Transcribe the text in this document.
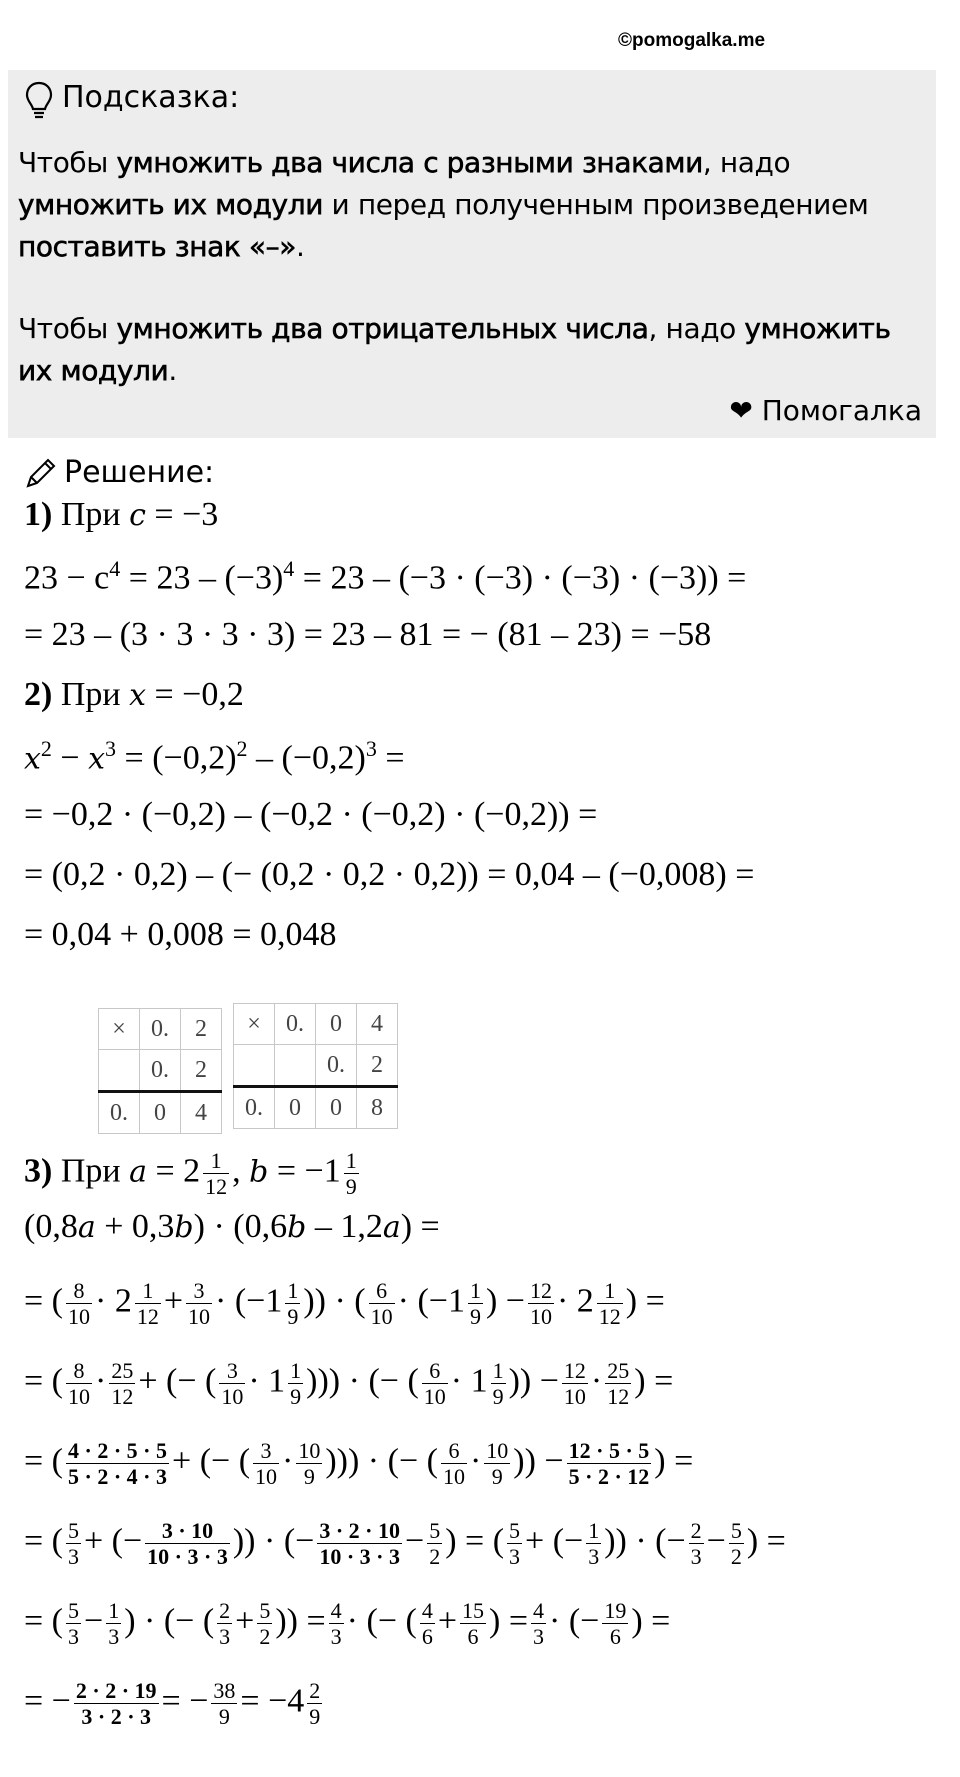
©pomogalka.me
Подсказка:
Чтобы умножить два числа с разными знаками, надо умножить их модули и перед полученным произведением поставить знак «–».
Чтобы умножить два отрицательных числа, надо умножить их модули.
❤ Помогалка
Решение:
1) При c = −3
$23 - c^4 = 23 - (-3)^4 = 23 - (-3 \cdot (-3) \cdot (-3) \cdot (-3))$ =
= 23 – (3 · 3 · 3 · 3) = 23 – 81 = − (81 – 23) = −58
2) При x = −0,2
$x^2 - x^3 = (-0,2)^2 - (-0,2)^3$ =
= −0,2 · (−0,2) – (−0,2 · (−0,2) · (−0,2)) =
= (0,2 · 0,2) – (− (0,2 · 0,2 · 0,2)) = 0,04 – (−0,008) =
= 0,04 + 0,008 = 0,048
3) При $a = 2 \frac{1}{12}$ , $b = -1 \frac{1}{9}$
(0,8a + 0,3b) · (0,6b – 1,2a) =
= ( $\frac{8}{10} \cdot 2 \frac{1}{12} + \frac{3}{10} \cdot (-1 \frac{1}{9}$ )) · ( $\frac{6}{10} \cdot (-1 \frac{1}{9}$ ) − $\frac{12}{10} \cdot 2 \frac{1}{12}$ ) =
= ( $\frac{8}{10} \cdot \frac{25}{12}$ + (− ( $\frac{3}{10} \cdot 1 \frac{1}{9}$ ))) · (− ( $\frac{6}{10} \cdot 1 \frac{1}{9}$ )) − $\frac{12}{10} \cdot \frac{25}{12}$ ) =
= ( $\frac{4 \cdot 2 \cdot 5 \cdot 5}{5 \cdot 2 \cdot 4 \cdot 3}$ + (− ( $\frac{3}{10} \cdot \frac{10}{9}$ ))) · (− ( $\frac{6}{10} \cdot \frac{10}{9}$ )) − $\frac{12 \cdot 5 \cdot 5}{5 \cdot 2 \cdot 12}$ ) =
= ( $\frac{5}{3}$ + (− $\frac{3 \cdot 10}{10 \cdot 3 \cdot 3}$ )) · (− $\frac{3 \cdot 2 \cdot 10}{10 \cdot 3 \cdot 3} - \frac{5}{2}$ ) = ( $\frac{5}{3}$ + (− $\frac{1}{3}$ )) · (− $\frac{2}{3} - \frac{5}{2}$ ) =
= ( $\frac{5}{3} - \frac{1}{3}$ ) · (− ( $\frac{2}{3} + \frac{5}{2}$ )) = $\frac{4}{3}$ · (− ( $\frac{4}{6} + \frac{15}{6}$ ) = $\frac{4}{3}$ · (− $\frac{19}{6}$ ) =
= − $\frac{2 \cdot 2 \cdot 19}{3 \cdot 2 \cdot 3}$ = − $\frac{38}{9} = -4 \frac{2}{9}$
×	0.	2
	0.	2
0.	0	4
×	0.	0	4
		0.	2
0.	0	0	8
